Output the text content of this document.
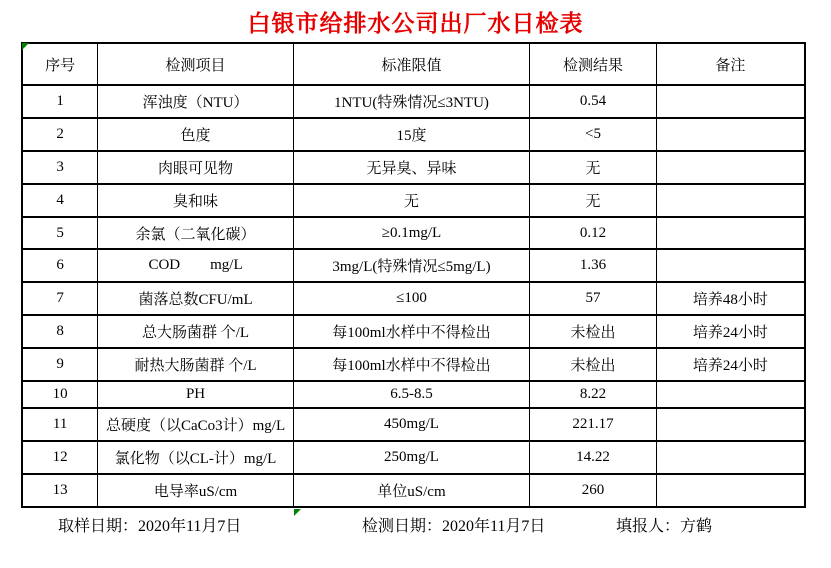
白银市给排水公司出厂水日检表
序号	检测项目	标准限值	检测结果	备注
1	浑浊度（NTU）	1NTU(特殊情况≤3NTU)	0.54	
2	色度	15度	<5	
3	肉眼可见物	无异臭、异味	无	
4	臭和味	无	无	
5	余氯（二氧化碳）	≥0.1mg/L	0.12	
6	COD        mg/L	3mg/L(特殊情况≤5mg/L)	1.36	
7	菌落总数CFU/mL	≤100	57	培养48小时
8	总大肠菌群 个/L	每100ml水样中不得检出	未检出	培养24小时
9	耐热大肠菌群 个/L	每100ml水样中不得检出	未检出	培养24小时
10	PH	6.5-8.5	8.22	
11	总硬度（以CaCo3计）mg/L	450mg/L	221.17	
12	氯化物（以CL-计）mg/L	250mg/L	14.22	
13	电导率uS/cm	单位uS/cm	260	
取样日期：2020年11月7日	检测日期：2020年11月7日	填报人：方鹤
